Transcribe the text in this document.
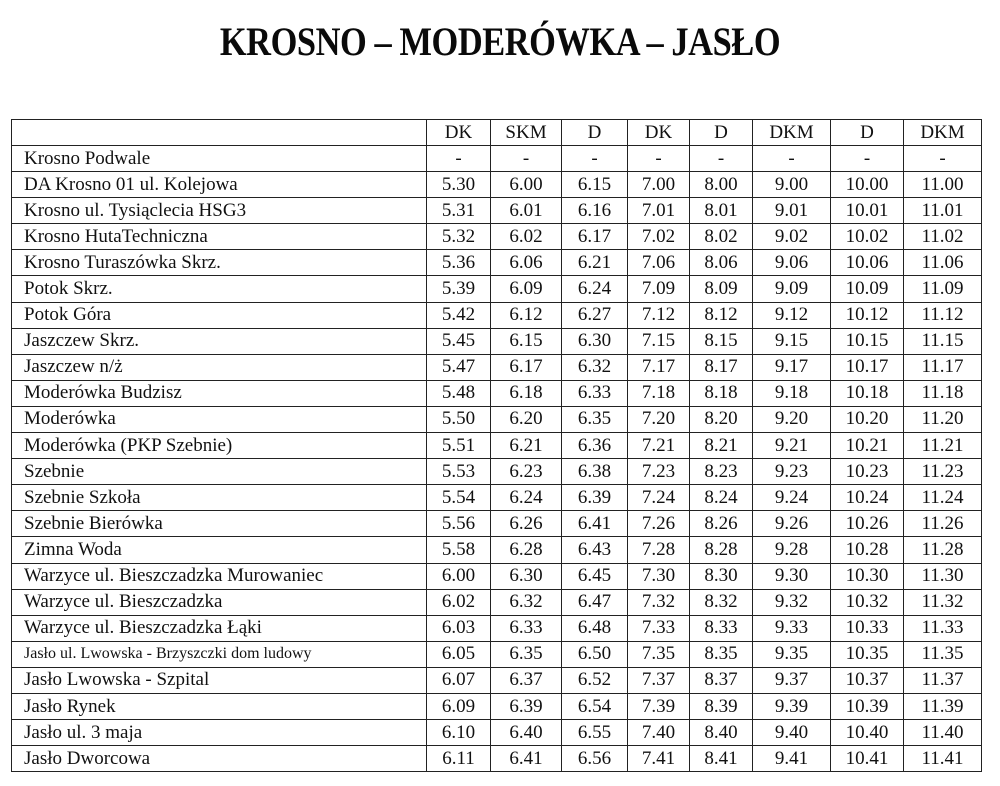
KROSNO – MODERÓWKA – JASŁO
	DK	SKM	D	DK	D	DKM	D	DKM
Krosno Podwale	-	-	-	-	-	-	-	-
DA Krosno 01 ul. Kolejowa	5.30	6.00	6.15	7.00	8.00	9.00	10.00	11.00
Krosno ul. Tysiąclecia HSG3	5.31	6.01	6.16	7.01	8.01	9.01	10.01	11.01
Krosno HutaTechniczna	5.32	6.02	6.17	7.02	8.02	9.02	10.02	11.02
Krosno Turaszówka Skrz.	5.36	6.06	6.21	7.06	8.06	9.06	10.06	11.06
Potok Skrz.	5.39	6.09	6.24	7.09	8.09	9.09	10.09	11.09
Potok Góra	5.42	6.12	6.27	7.12	8.12	9.12	10.12	11.12
Jaszczew Skrz.	5.45	6.15	6.30	7.15	8.15	9.15	10.15	11.15
Jaszczew n/ż	5.47	6.17	6.32	7.17	8.17	9.17	10.17	11.17
Moderówka Budzisz	5.48	6.18	6.33	7.18	8.18	9.18	10.18	11.18
Moderówka	5.50	6.20	6.35	7.20	8.20	9.20	10.20	11.20
Moderówka (PKP Szebnie)	5.51	6.21	6.36	7.21	8.21	9.21	10.21	11.21
Szebnie	5.53	6.23	6.38	7.23	8.23	9.23	10.23	11.23
Szebnie Szkoła	5.54	6.24	6.39	7.24	8.24	9.24	10.24	11.24
Szebnie Bierówka	5.56	6.26	6.41	7.26	8.26	9.26	10.26	11.26
Zimna Woda	5.58	6.28	6.43	7.28	8.28	9.28	10.28	11.28
Warzyce ul. Bieszczadzka Murowaniec	6.00	6.30	6.45	7.30	8.30	9.30	10.30	11.30
Warzyce ul. Bieszczadzka	6.02	6.32	6.47	7.32	8.32	9.32	10.32	11.32
Warzyce ul. Bieszczadzka Łąki	6.03	6.33	6.48	7.33	8.33	9.33	10.33	11.33
Jasło ul. Lwowska - Brzyszczki dom ludowy	6.05	6.35	6.50	7.35	8.35	9.35	10.35	11.35
Jasło Lwowska - Szpital	6.07	6.37	6.52	7.37	8.37	9.37	10.37	11.37
Jasło Rynek	6.09	6.39	6.54	7.39	8.39	9.39	10.39	11.39
Jasło ul. 3 maja	6.10	6.40	6.55	7.40	8.40	9.40	10.40	11.40
Jasło Dworcowa	6.11	6.41	6.56	7.41	8.41	9.41	10.41	11.41
